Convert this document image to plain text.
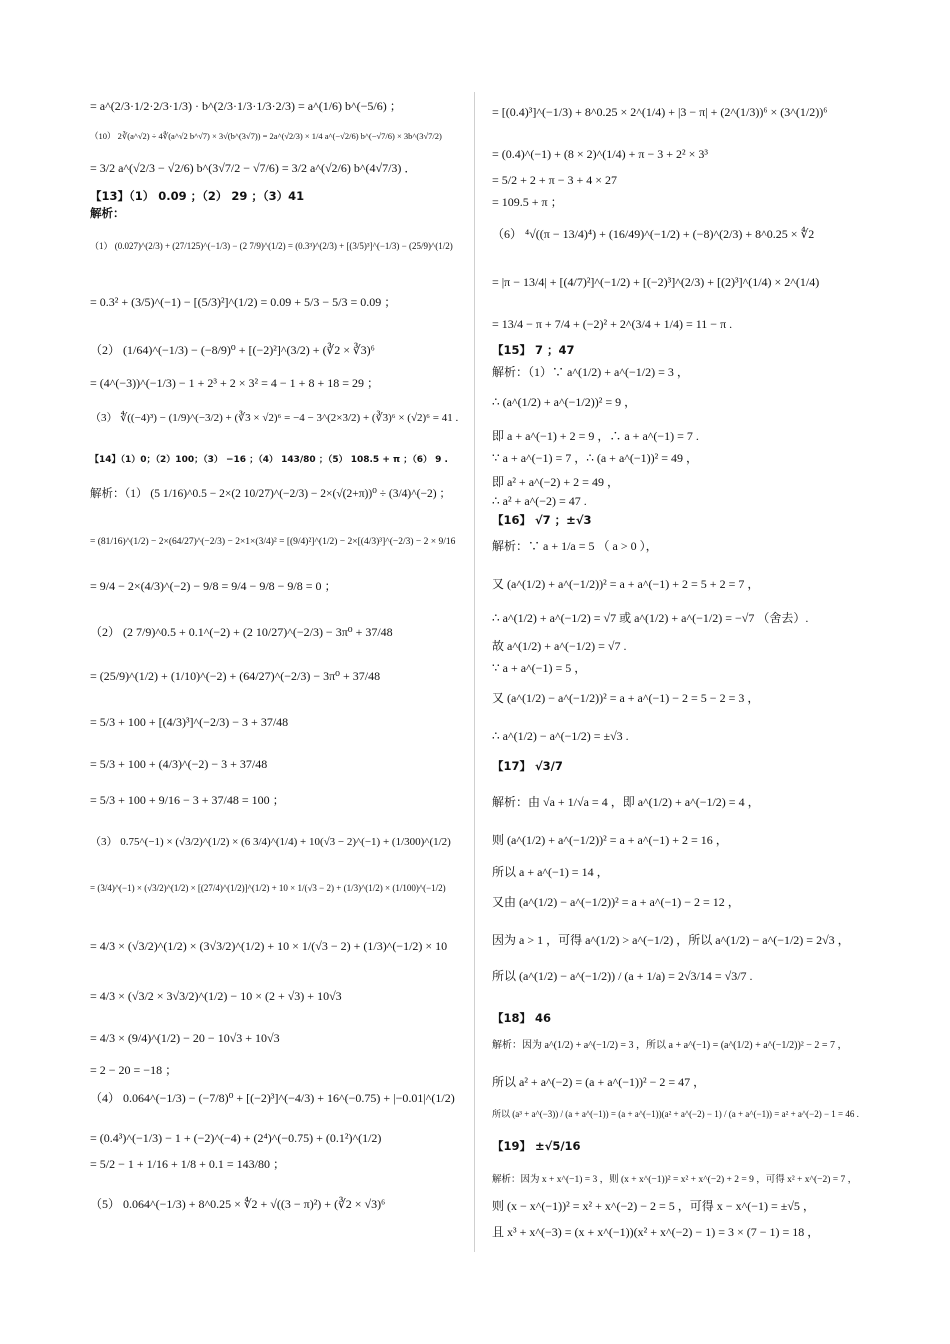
= a^(2/3·1/2·2/3·1/3) · b^(2/3·1/3·1/3·2/3) = a^(1/6) b^(−5/6) ；
（10） 2∛(a^√2) ÷ 4∜(a^√2 b^√7) × 3√(b^(3√7)) = 2a^(√2/3) × 1/4 a^(−√2/6) b^(−√7/6) × 3b^(3√7/2)
= 3/2 a^(√2/3 − √2/6) b^(3√7/2 − √7/6) = 3/2 a^(√2/6) b^(4√7/3) ．
【13】（1） 0.09 ；（2） 29 ；（3）41
解析：
（1） (0.027)^(2/3) + (27/125)^(−1/3) − (2 7/9)^(1/2) = (0.3³)^(2/3) + [(3/5)³]^(−1/3) − (25/9)^(1/2)
= 0.3² + (3/5)^(−1) − [(5/3)²]^(1/2) = 0.09 + 5/3 − 5/3 = 0.09 ；
（2） (1/64)^(−1/3) − (−8/9)⁰ + [(−2)²]^(3/2) + (∛2 × ∛3)⁶
= (4^(−3))^(−1/3) − 1 + 2³ + 2 × 3² = 4 − 1 + 8 + 18 = 29 ；
（3） ∜((−4)³) − (1/9)^(−3/2) + (∛3 × √2)⁶ = −4 − 3^(2×3/2) + (∛3)⁶ × (√2)⁶ = 41 .
【14】（1）0；（2）100；（3） −16 ；（4） 143/80 ；（5） 108.5 + π ；（6） 9 .
解析：（1） (5 1/16)^0.5 − 2×(2 10/27)^(−2/3) − 2×(√(2+π))⁰ ÷ (3/4)^(−2) ；
= (81/16)^(1/2) − 2×(64/27)^(−2/3) − 2×1×(3/4)² = [(9/4)²]^(1/2) − 2×[(4/3)³]^(−2/3) − 2 × 9/16
= 9/4 − 2×(4/3)^(−2) − 9/8 = 9/4 − 9/8 − 9/8 = 0 ；
（2） (2 7/9)^0.5 + 0.1^(−2) + (2 10/27)^(−2/3) − 3π⁰ + 37/48
= (25/9)^(1/2) + (1/10)^(−2) + (64/27)^(−2/3) − 3π⁰ + 37/48
= 5/3 + 100 + [(4/3)³]^(−2/3) − 3 + 37/48
= 5/3 + 100 + (4/3)^(−2) − 3 + 37/48
= 5/3 + 100 + 9/16 − 3 + 37/48 = 100 ；
（3） 0.75^(−1) × (√3/2)^(1/2) × (6 3/4)^(1/4) + 10(√3 − 2)^(−1) + (1/300)^(1/2)
= (3/4)^(−1) × (√3/2)^(1/2) × [(27/4)^(1/2)]^(1/2) + 10 × 1/(√3 − 2) + (1/3)^(1/2) × (1/100)^(−1/2)
= 4/3 × (√3/2)^(1/2) × (3√3/2)^(1/2) + 10 × 1/(√3 − 2) + (1/3)^(−1/2) × 10
= 4/3 × (√3/2 × 3√3/2)^(1/2) − 10 × (2 + √3) + 10√3
= 4/3 × (9/4)^(1/2) − 20 − 10√3 + 10√3
= 2 − 20 = −18 ；
（4） 0.064^(−1/3) − (−7/8)⁰ + [(−2)³]^(−4/3) + 16^(−0.75) + |−0.01|^(1/2)
= (0.4³)^(−1/3) − 1 + (−2)^(−4) + (2⁴)^(−0.75) + (0.1²)^(1/2)
= 5/2 − 1 + 1/16 + 1/8 + 0.1 = 143/80 ；
（5） 0.064^(−1/3) + 8^0.25 × ∜2 + √((3 − π)²) + (∛2 × √3)⁶
= [(0.4)³]^(−1/3) + 8^0.25 × 2^(1/4) + |3 − π| + (2^(1/3))⁶ × (3^(1/2))⁶
= (0.4)^(−1) + (8 × 2)^(1/4) + π − 3 + 2² × 3³
= 5/2 + 2 + π − 3 + 4 × 27
= 109.5 + π ；
（6） ⁴√((π − 13/4)⁴) + (16/49)^(−1/2) + (−8)^(2/3) + 8^0.25 × ∜2
= |π − 13/4| + [(4/7)²]^(−1/2) + [(−2)³]^(2/3) + [(2)³]^(1/4) × 2^(1/4)
= 13/4 − π + 7/4 + (−2)² + 2^(3/4 + 1/4) = 11 − π .
【15】 7 ；47
解析：（1）∵ a^(1/2) + a^(−1/2) = 3 ，
∴ (a^(1/2) + a^(−1/2))² = 9 ，
即 a + a^(−1) + 2 = 9 ，∴ a + a^(−1) = 7 .
∵ a + a^(−1) = 7 ，∴ (a + a^(−1))² = 49 ，
即 a² + a^(−2) + 2 = 49 ，
∴ a² + a^(−2) = 47 .
【16】 √7 ；±√3
解析：∵ a + 1/a = 5 （ a > 0 ），
又 (a^(1/2) + a^(−1/2))² = a + a^(−1) + 2 = 5 + 2 = 7 ，
∴ a^(1/2) + a^(−1/2) = √7 或 a^(1/2) + a^(−1/2) = −√7 （舍去）.
故 a^(1/2) + a^(−1/2) = √7 .
∵ a + a^(−1) = 5 ，
又 (a^(1/2) − a^(−1/2))² = a + a^(−1) − 2 = 5 − 2 = 3 ，
∴ a^(1/2) − a^(−1/2) = ±√3 .
【17】 √3/7
解析：由 √a + 1/√a = 4 ，即 a^(1/2) + a^(−1/2) = 4 ，
则 (a^(1/2) + a^(−1/2))² = a + a^(−1) + 2 = 16 ，
所以 a + a^(−1) = 14 ，
又由 (a^(1/2) − a^(−1/2))² = a + a^(−1) − 2 = 12 ，
因为 a > 1 ，可得 a^(1/2) > a^(−1/2) ，所以 a^(1/2) − a^(−1/2) = 2√3 ，
所以 (a^(1/2) − a^(−1/2)) / (a + 1/a) = 2√3/14 = √3/7 .
【18】 46
解析：因为 a^(1/2) + a^(−1/2) = 3 ，所以 a + a^(−1) = (a^(1/2) + a^(−1/2))² − 2 = 7 ，
所以 a² + a^(−2) = (a + a^(−1))² − 2 = 47 ，
所以 (a³ + a^(−3)) / (a + a^(−1)) = (a + a^(−1))(a² + a^(−2) − 1) / (a + a^(−1)) = a² + a^(−2) − 1 = 46 .
【19】 ±√5/16
解析：因为 x + x^(−1) = 3 ，则 (x + x^(−1))² = x² + x^(−2) + 2 = 9 ，可得 x² + x^(−2) = 7 ，
则 (x − x^(−1))² = x² + x^(−2) − 2 = 5 ，可得 x − x^(−1) = ±√5 ，
且 x³ + x^(−3) = (x + x^(−1))(x² + x^(−2) − 1) = 3 × (7 − 1) = 18 ，
